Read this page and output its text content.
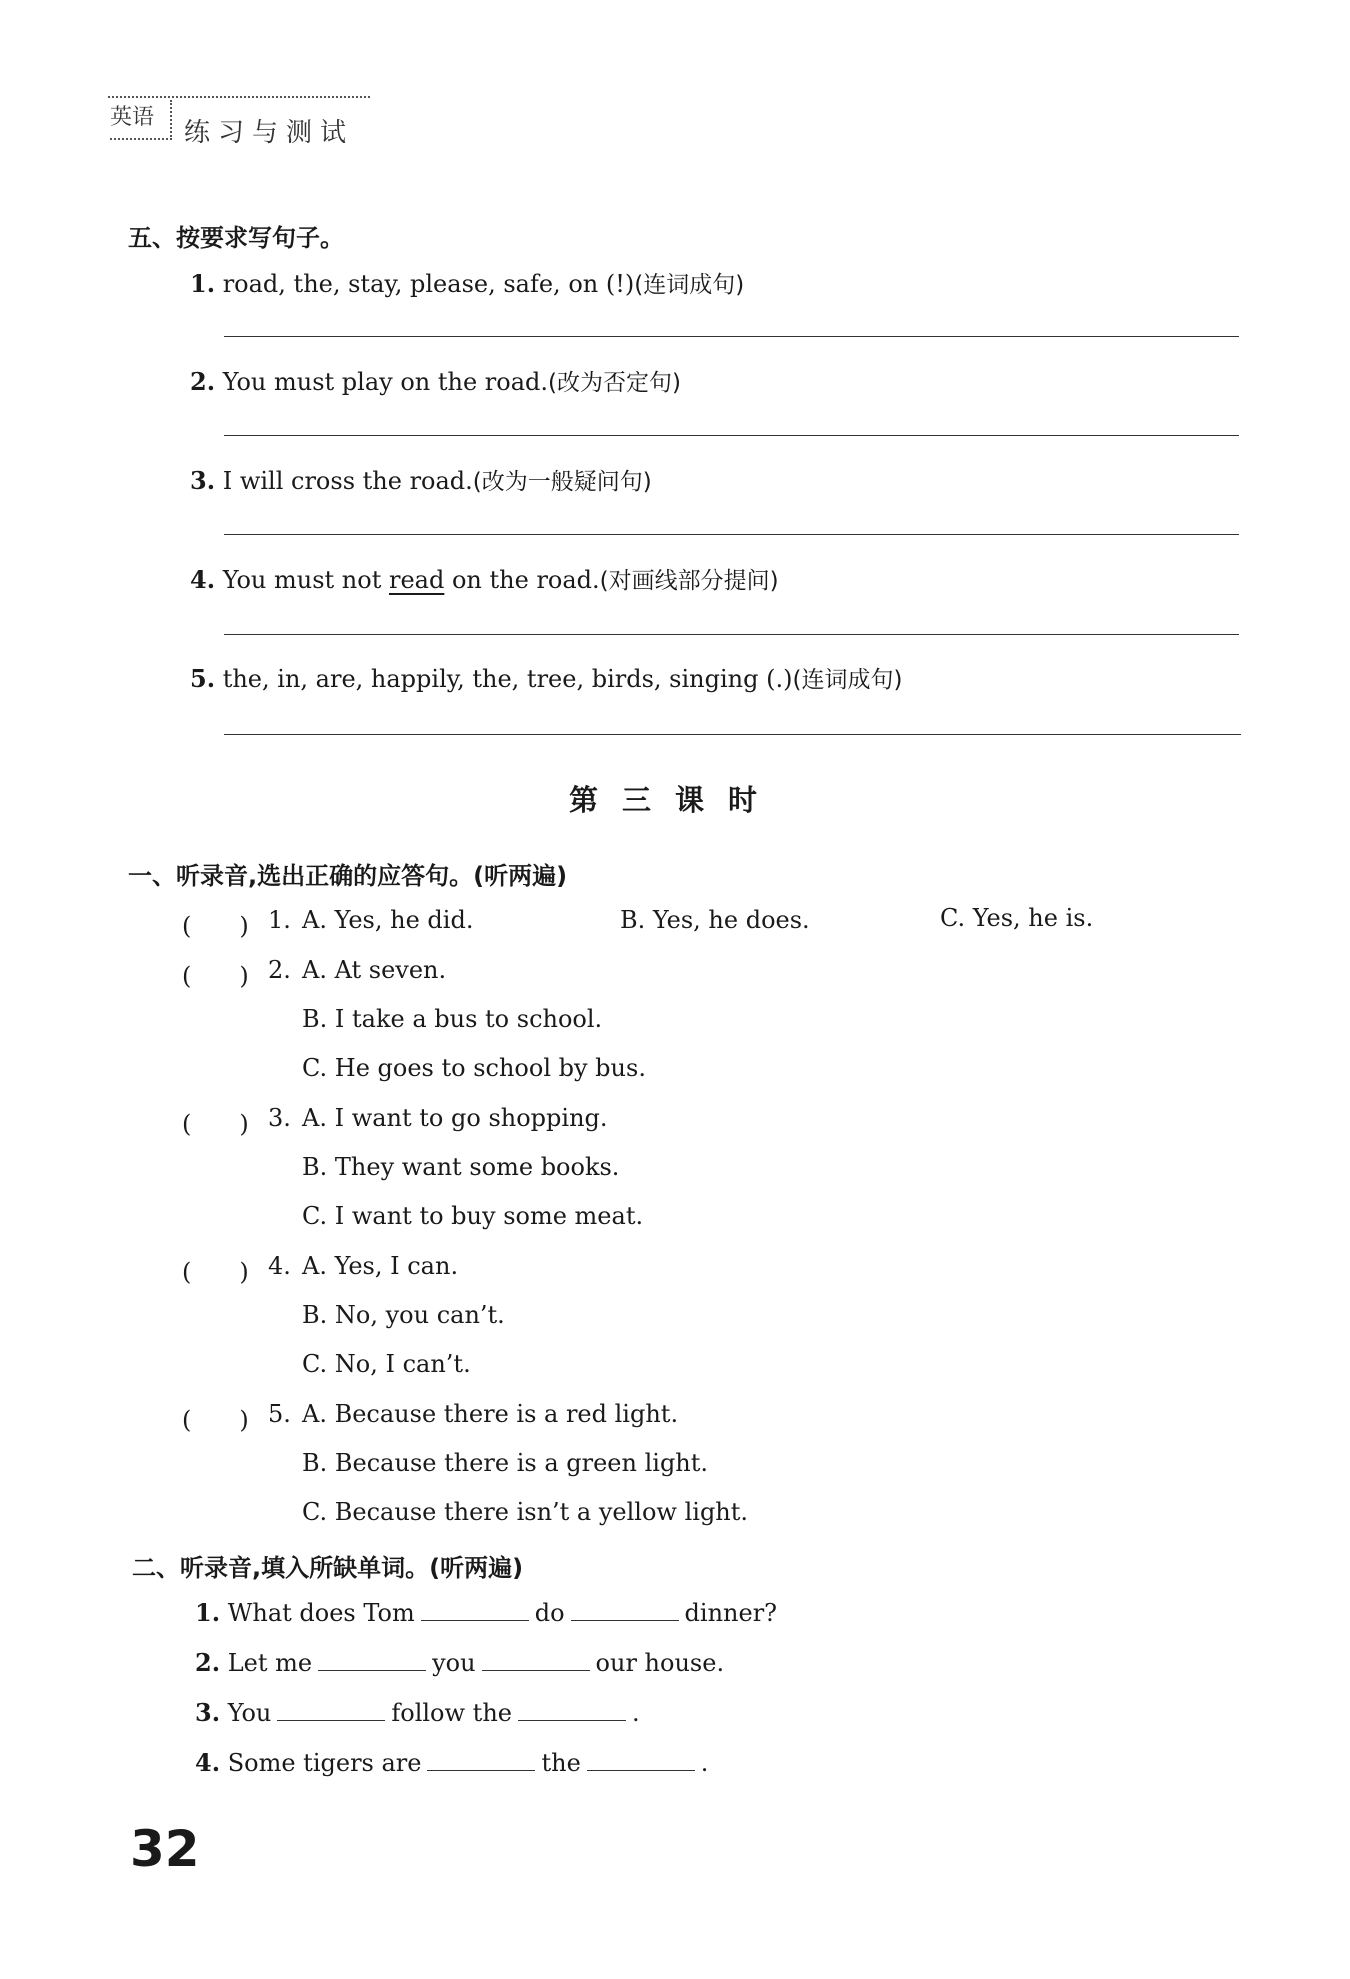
英语
练习与测试
五、按要求写句子。
1. road, the, stay, please, safe, on (!)(连词成句)
2. You must play on the road.(改为否定句)
3. I will cross the road.(改为一般疑问句)
4. You must not read on the road.(对画线部分提问)
5. the, in, are, happily, the, tree, birds, singing (.)(连词成句)
第三课时
一、听录音,选出正确的应答句。(听两遍)
(　　) 1. A. Yes, he did.	B. Yes, he does.	C. Yes, he is.
(　　) 2. A. At seven.
B. I take a bus to school.
C. He goes to school by bus.
(　　) 3. A. I want to go shopping.
B. They want some books.
C. I want to buy some meat.
(　　) 4. A. Yes, I can.
B. No, you can’t.
C. No, I can’t.
(　　) 5. A. Because there is a red light.
B. Because there is a green light.
C. Because there isn’t a yellow light.
二、听录音,填入所缺单词。(听两遍)
1. What does Tom	do	dinner?
2. Let me	you	our house.
3. You	follow the	.
4. Some tigers are	the	.
32
